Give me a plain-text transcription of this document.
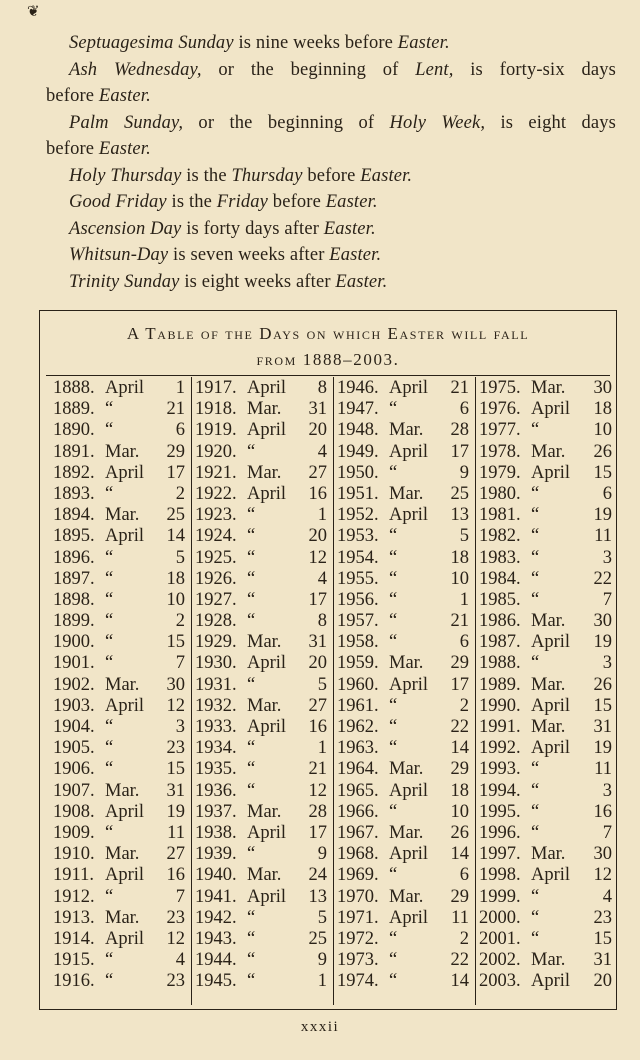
❦
Septuagesima Sunday is nine weeks before Easter.
Ash Wednesday, or the beginning of Lent, is forty-six days
before Easter.
Palm Sunday, or the beginning of Holy Week, is eight days
before Easter.
Holy Thursday is the Thursday before Easter.
Good Friday is the Friday before Easter.
Ascension Day is forty days after Easter.
Whitsun-Day is seven weeks after Easter.
Trinity Sunday is eight weeks after Easter.
A Table of the Days on which Easter will fall
from 1888–2003.
1888. April 1
1889. “	21
1890. “	6
1891. Mar. 29
1892. April 17
1893. “	2
1894. Mar. 25
1895. April 14
1896. “	5
1897. “	18
1898. “	10
1899. “	2
1900. “	15
1901. “	7
1902. Mar. 30
1903. April 12
1904. “	3
1905. “	23
1906. “	15
1907. Mar. 31
1908. April 19
1909. “	11
1910. Mar. 27
1911. April 16
1912. “	7
1913. Mar. 23
1914. April 12
1915. “	4
1916. “	23
1917. April 8
1918. Mar. 31
1919. April 20
1920. “	4
1921. Mar. 27
1922. April 16
1923. “	1
1924. “	20
1925. “	12
1926. “	4
1927. “	17
1928. “	8
1929. Mar. 31
1930. April 20
1931. “	5
1932. Mar. 27
1933. April 16
1934. “	1
1935. “	21
1936. “	12
1937. Mar. 28
1938. April 17
1939. “	9
1940. Mar. 24
1941. April 13
1942. “	5
1943. “	25
1944. “	9
1945. “	1
1946. April 21
1947. “	6
1948. Mar. 28
1949. April 17
1950. “	9
1951. Mar. 25
1952. April 13
1953. “	5
1954. “	18
1955. “	10
1956. “	1
1957. “	21
1958. “	6
1959. Mar. 29
1960. April 17
1961. “	2
1962. “	22
1963. “	14
1964. Mar. 29
1965. April 18
1966. “	10
1967. Mar. 26
1968. April 14
1969. “	6
1970. Mar. 29
1971. April 11
1972. “	2
1973. “	22
1974. “	14
1975. Mar. 30
1976. April 18
1977. “	10
1978. Mar. 26
1979. April 15
1980. “	6
1981. “	19
1982. “	11
1983. “	3
1984. “	22
1985. “	7
1986. Mar. 30
1987. April 19
1988. “	3
1989. Mar. 26
1990. April 15
1991. Mar. 31
1992. April 19
1993. “	11
1994. “	3
1995. “	16
1996. “	7
1997. Mar. 30
1998. April 12
1999. “	4
2000. “	23
2001. “	15
2002. Mar. 31
2003. April 20
xxxii
